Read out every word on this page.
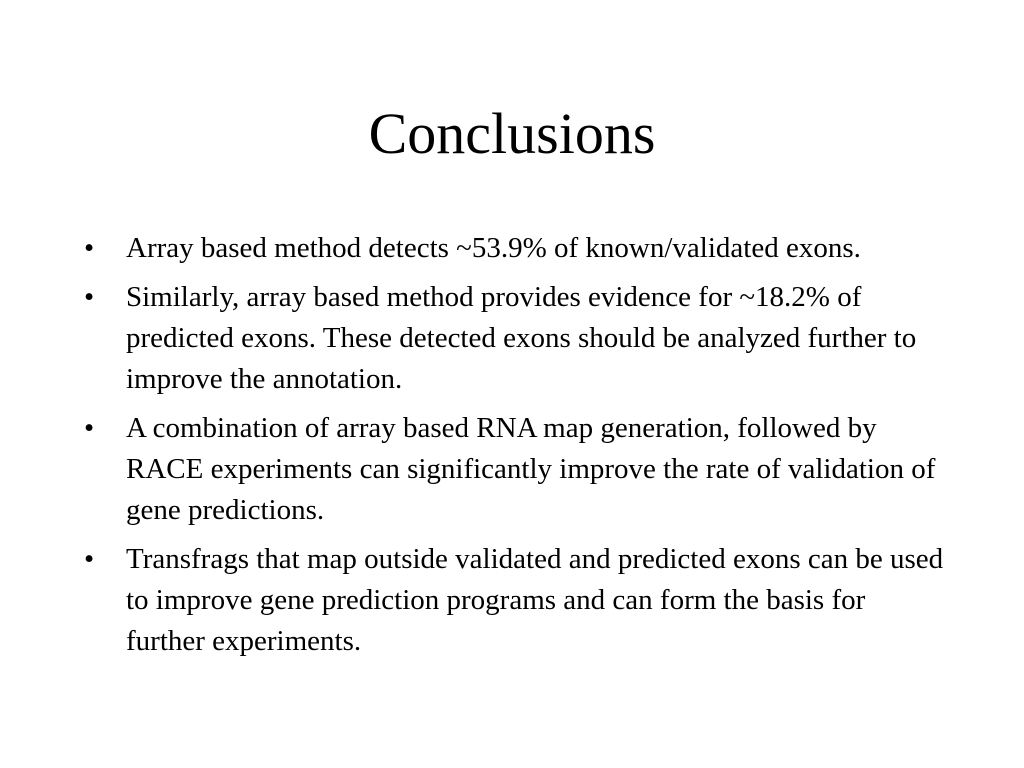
Conclusions
•	Array based method detects ~53.9% of known/validated exons.
•	Similarly, array based method provides evidence for ~18.2% of predicted exons. These detected exons should be analyzed further to improve the annotation.
•	A combination of array based RNA map generation, followed by RACE experiments can significantly improve the rate of validation of gene predictions.
•	Transfrags that map outside validated and predicted exons can be used to improve gene prediction programs and can form the basis for further experiments.
